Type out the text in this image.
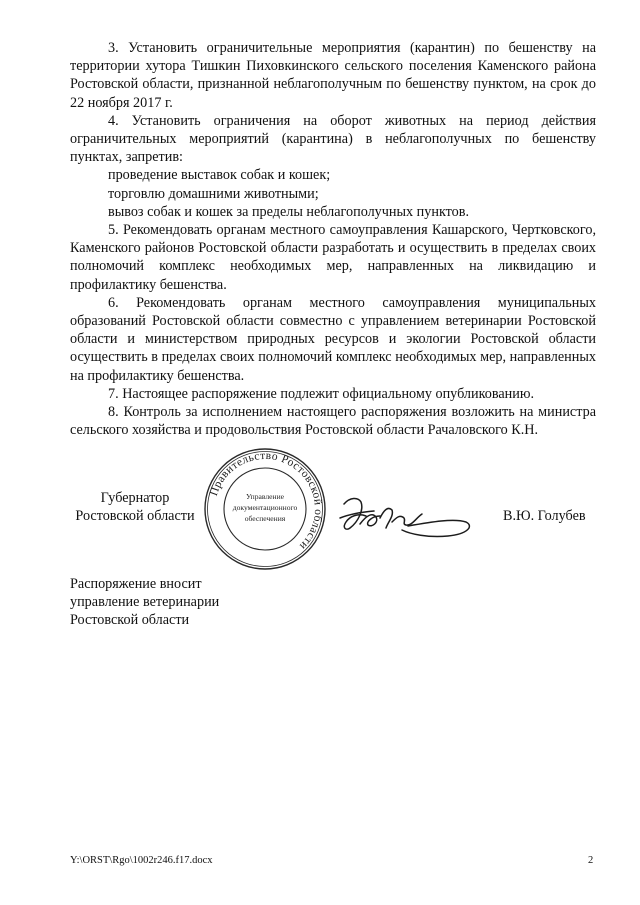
3. Установить ограничительные мероприятия (карантин) по бешенству на территории хутора Тишкин Пиховкинского сельского поселения Каменского района Ростовской области, признанной неблагополучным по бешенству пунктом, на срок до 22 ноября 2017 г.

4. Установить ограничения на оборот животных на период действия ограничительных мероприятий (карантина) в неблагополучных по бешенству пунктах, запретив:

проведение выставок собак и кошек;

торговлю домашними животными;

вывоз собак и кошек за пределы неблагополучных пунктов.

5. Рекомендовать органам местного самоуправления Кашарского, Чертковского, Каменского районов Ростовской области разработать и осуществить в пределах своих полномочий комплекс необходимых мер, направленных на ликвидацию и профилактику бешенства.

6. Рекомендовать органам местного самоуправления муниципальных образований Ростовской области совместно с управлением ветеринарии Ростовской области и министерством природных ресурсов и экологии Ростовской области осуществить в пределах своих полномочий комплекс необходимых мер, направленных на профилактику бешенства.

7. Настоящее распоряжение подлежит официальному опубликованию.

8. Контроль за исполнением настоящего распоряжения возложить на министра сельского хозяйства и продовольствия Ростовской области Рачаловского К.Н.

Губернатор
Ростовской области
Правительство Ростовской области
Управление
документационного
обеспечения	В.Ю. Голубев
Распоряжение вносит
управление ветеринарии
Ростовской области
Y:\ORST\Rgo\1002r246.f17.docx	2
